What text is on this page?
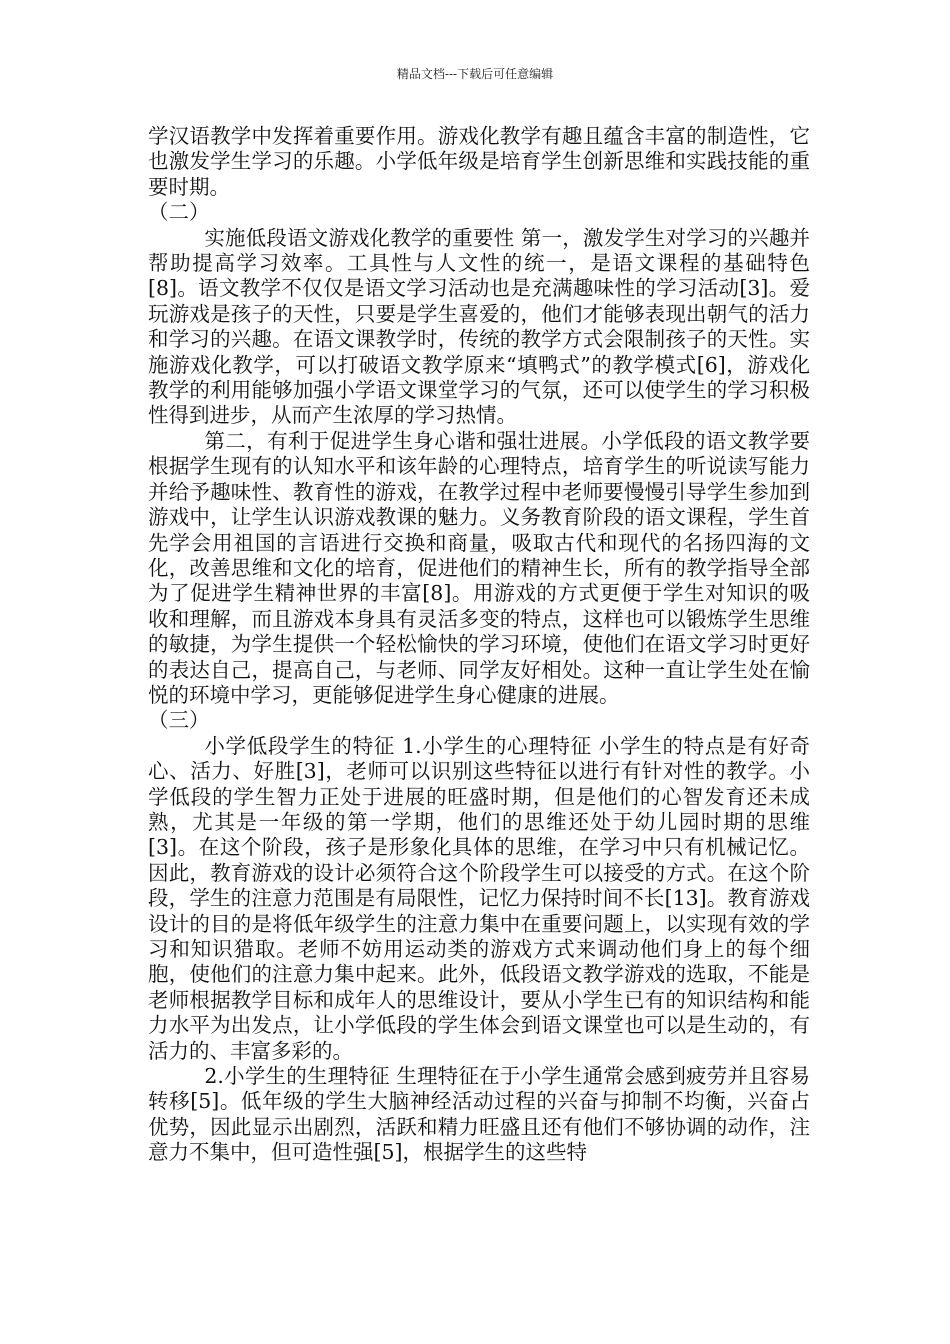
精品文档---下载后可任意编辑

学汉语教学中发挥着重要作用。游戏化教学有趣且蕴含丰富的制造性，它也激发学生学习的乐趣。小学低年级是培育学生创新思维和实践技能的重要时期。

（二）

实施低段语文游戏化教学的重要性 第一，激发学生对学习的兴趣并帮助提高学习效率。工具性与人文性的统一，是语文课程的基础特色[8]。语文教学不仅仅是语文学习活动也是充满趣味性的学习活动[3]。爱玩游戏是孩子的天性，只要是学生喜爱的，他们才能够表现出朝气的活力和学习的兴趣。在语文课教学时，传统的教学方式会限制孩子的天性。实施游戏化教学，可以打破语文教学原来“填鸭式”的教学模式[6]，游戏化教学的利用能够加强小学语文课堂学习的气氛，还可以使学生的学习积极性得到进步，从而产生浓厚的学习热情。

第二，有利于促进学生身心谐和强壮进展。小学低段的语文教学要根据学生现有的认知水平和该年龄的心理特点，培育学生的听说读写能力并给予趣味性、教育性的游戏，在教学过程中老师要慢慢引导学生参加到游戏中，让学生认识游戏教课的魅力。义务教育阶段的语文课程，学生首先学会用祖国的言语进行交换和商量，吸取古代和现代的名扬四海的文化，改善思维和文化的培育，促进他们的精神生长，所有的教学指导全部为了促进学生精神世界的丰富[8]。用游戏的方式更便于学生对知识的吸收和理解，而且游戏本身具有灵活多变的特点，这样也可以锻炼学生思维的敏捷，为学生提供一个轻松愉快的学习环境，使他们在语文学习时更好的表达自己，提高自己，与老师、同学友好相处。这种一直让学生处在愉悦的环境中学习，更能够促进学生身心健康的进展。

（三）

小学低段学生的特征 1.小学生的心理特征 小学生的特点是有好奇心、活力、好胜[3]，老师可以识别这些特征以进行有针对性的教学。小学低段的学生智力正处于进展的旺盛时期，但是他们的心智发育还未成熟，尤其是一年级的第一学期，他们的思维还处于幼儿园时期的思维[3]。在这个阶段，孩子是形象化具体的思维，在学习中只有机械记忆。因此，教育游戏的设计必须符合这个阶段学生可以接受的方式。在这个阶段，学生的注意力范围是有局限性，记忆力保持时间不长[13]。教育游戏设计的目的是将低年级学生的注意力集中在重要问题上，以实现有效的学习和知识猎取。老师不妨用运动类的游戏方式来调动他们身上的每个细胞，使他们的注意力集中起来。此外，低段语文教学游戏的选取，不能是老师根据教学目标和成年人的思维设计，要从小学生已有的知识结构和能力水平为出发点，让小学低段的学生体会到语文课堂也可以是生动的，有活力的、丰富多彩的。

2.小学生的生理特征 生理特征在于小学生通常会感到疲劳并且容易转移[5]。低年级的学生大脑神经活动过程的兴奋与抑制不均衡，兴奋占优势，因此显示出剧烈，活跃和精力旺盛且还有他们不够协调的动作，注意力不集中，但可造性强[5]，根据学生的这些特
